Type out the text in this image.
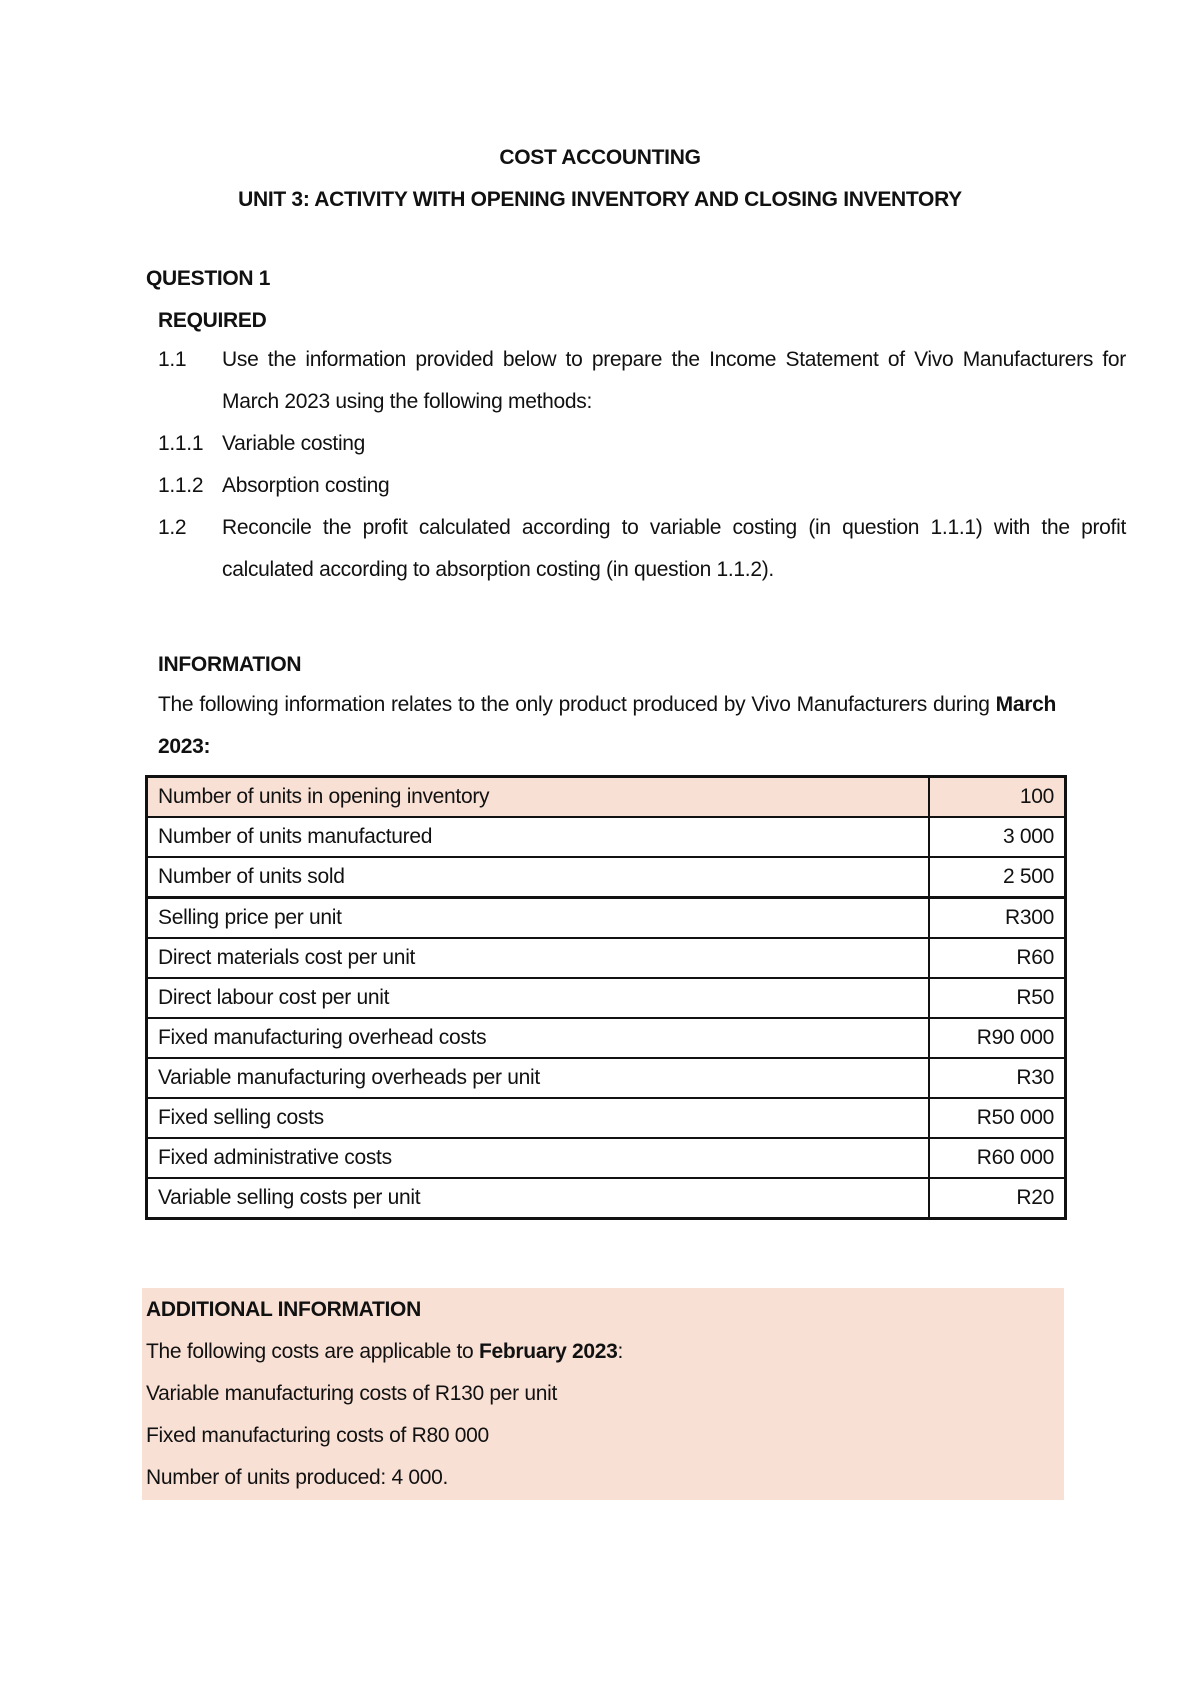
COST ACCOUNTING
UNIT 3: ACTIVITY WITH OPENING INVENTORY AND CLOSING INVENTORY
QUESTION 1
REQUIRED
1.1 Use the information provided below to prepare the Income Statement of Vivo Manufacturers for March 2023 using the following methods:
1.1.1 Variable costing
1.1.2 Absorption costing
1.2 Reconcile the profit calculated according to variable costing (in question 1.1.1) with the profit calculated according to absorption costing (in question 1.1.2).
INFORMATION
The following information relates to the only product produced by Vivo Manufacturers during March 2023:
Number of units in opening inventory	100
Number of units manufactured	3 000
Number of units sold	2 500
Selling price per unit	R300
Direct materials cost per unit	R60
Direct labour cost per unit	R50
Fixed manufacturing overhead costs	R90 000
Variable manufacturing overheads per unit	R30
Fixed selling costs	R50 000
Fixed administrative costs	R60 000
Variable selling costs per unit	R20
ADDITIONAL INFORMATION
The following costs are applicable to February 2023:
Variable manufacturing costs of R130 per unit
Fixed manufacturing costs of R80 000
Number of units produced: 4 000.
